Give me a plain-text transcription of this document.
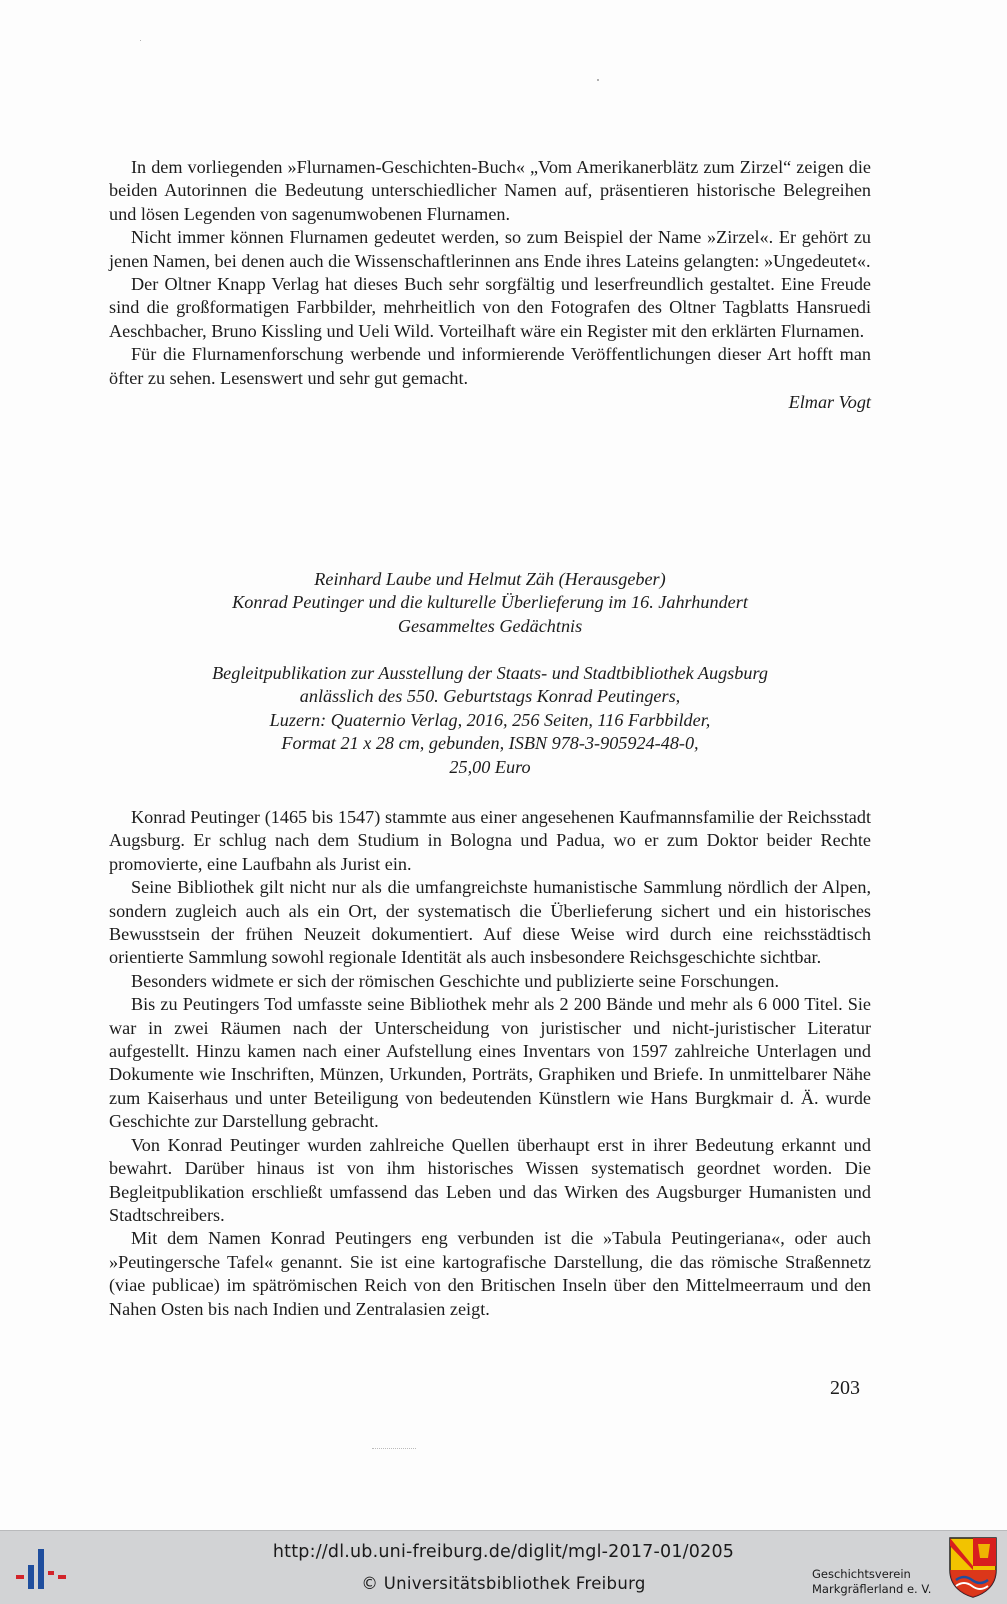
In dem vorliegenden »Flurnamen-Geschichten-Buch« „Vom Amerikanerblätz zum Zirzel“ zeigen die beiden Autorinnen die Bedeutung unterschiedlicher Namen auf, präsentieren historische Belegreihen und lösen Legenden von sagenumwobenen Flurnamen.

Nicht immer können Flurnamen gedeutet werden, so zum Beispiel der Name »Zirzel«. Er gehört zu jenen Namen, bei denen auch die Wissenschaftlerinnen ans Ende ihres Lateins gelangten: »Ungedeutet«.

Der Oltner Knapp Verlag hat dieses Buch sehr sorgfältig und leserfreundlich gestaltet. Eine Freude sind die großformatigen Farbbilder, mehrheitlich von den Fotografen des Oltner Tagblatts Hansruedi Aeschbacher, Bruno Kissling und Ueli Wild. Vorteilhaft wäre ein Register mit den erklärten Flurnamen.

Für die Flurnamenforschung werbende und informierende Veröffentlichungen dieser Art hofft man öfter zu sehen. Lesenswert und sehr gut gemacht.

Elmar Vogt

Reinhard Laube und Helmut Zäh (Herausgeber)
Konrad Peutinger und die kulturelle Überlieferung im 16. Jahrhundert
Gesammeltes Gedächtnis
Begleitpublikation zur Ausstellung der Staats- und Stadtbibliothek Augsburg
anlässlich des 550. Geburtstags Konrad Peutingers,
Luzern: Quaternio Verlag, 2016, 256 Seiten, 116 Farbbilder,
Format 21 x 28 cm, gebunden, ISBN 978-3-905924-48-0,
25,00 Euro

Konrad Peutinger (1465 bis 1547) stammte aus einer angesehenen Kaufmannsfamilie der Reichsstadt Augsburg. Er schlug nach dem Studium in Bologna und Padua, wo er zum Doktor beider Rechte promovierte, eine Laufbahn als Jurist ein.

Seine Bibliothek gilt nicht nur als die umfangreichste humanistische Sammlung nördlich der Alpen, sondern zugleich auch als ein Ort, der systematisch die Überlieferung sichert und ein historisches Bewusstsein der frühen Neuzeit dokumentiert. Auf diese Weise wird durch eine reichsstädtisch orientierte Sammlung sowohl regionale Identität als auch insbesondere Reichsgeschichte sichtbar.

Besonders widmete er sich der römischen Geschichte und publizierte seine Forschungen.

Bis zu Peutingers Tod umfasste seine Bibliothek mehr als 2 200 Bände und mehr als 6 000 Titel. Sie war in zwei Räumen nach der Unterscheidung von juristischer und nicht-juristischer Literatur aufgestellt. Hinzu kamen nach einer Aufstellung eines Inventars von 1597 zahlreiche Unterlagen und Dokumente wie Inschriften, Münzen, Urkunden, Porträts, Graphiken und Briefe. In unmittelbarer Nähe zum Kaiserhaus und unter Beteiligung von bedeutenden Künstlern wie Hans Burgkmair d. Ä. wurde Geschichte zur Darstellung gebracht.

Von Konrad Peutinger wurden zahlreiche Quellen überhaupt erst in ihrer Bedeutung erkannt und bewahrt. Darüber hinaus ist von ihm historisches Wissen systematisch geordnet worden. Die Begleitpublikation erschließt umfassend das Leben und das Wirken des Augsburger Humanisten und Stadtschreibers.

Mit dem Namen Konrad Peutingers eng verbunden ist die »Tabula Peutingeriana«, oder auch »Peutingersche Tafel« genannt. Sie ist eine kartografische Darstellung, die das römische Straßennetz (viae publicae) im spätrömischen Reich von den Britischen Inseln über den Mittelmeerraum und den Nahen Osten bis nach Indien und Zentralasien zeigt.

203
http://dl.ub.uni-freiburg.de/diglit/mgl-2017-01/0205
© Universitätsbibliothek Freiburg	Geschichtsverein
Markgräflerland e. V.
